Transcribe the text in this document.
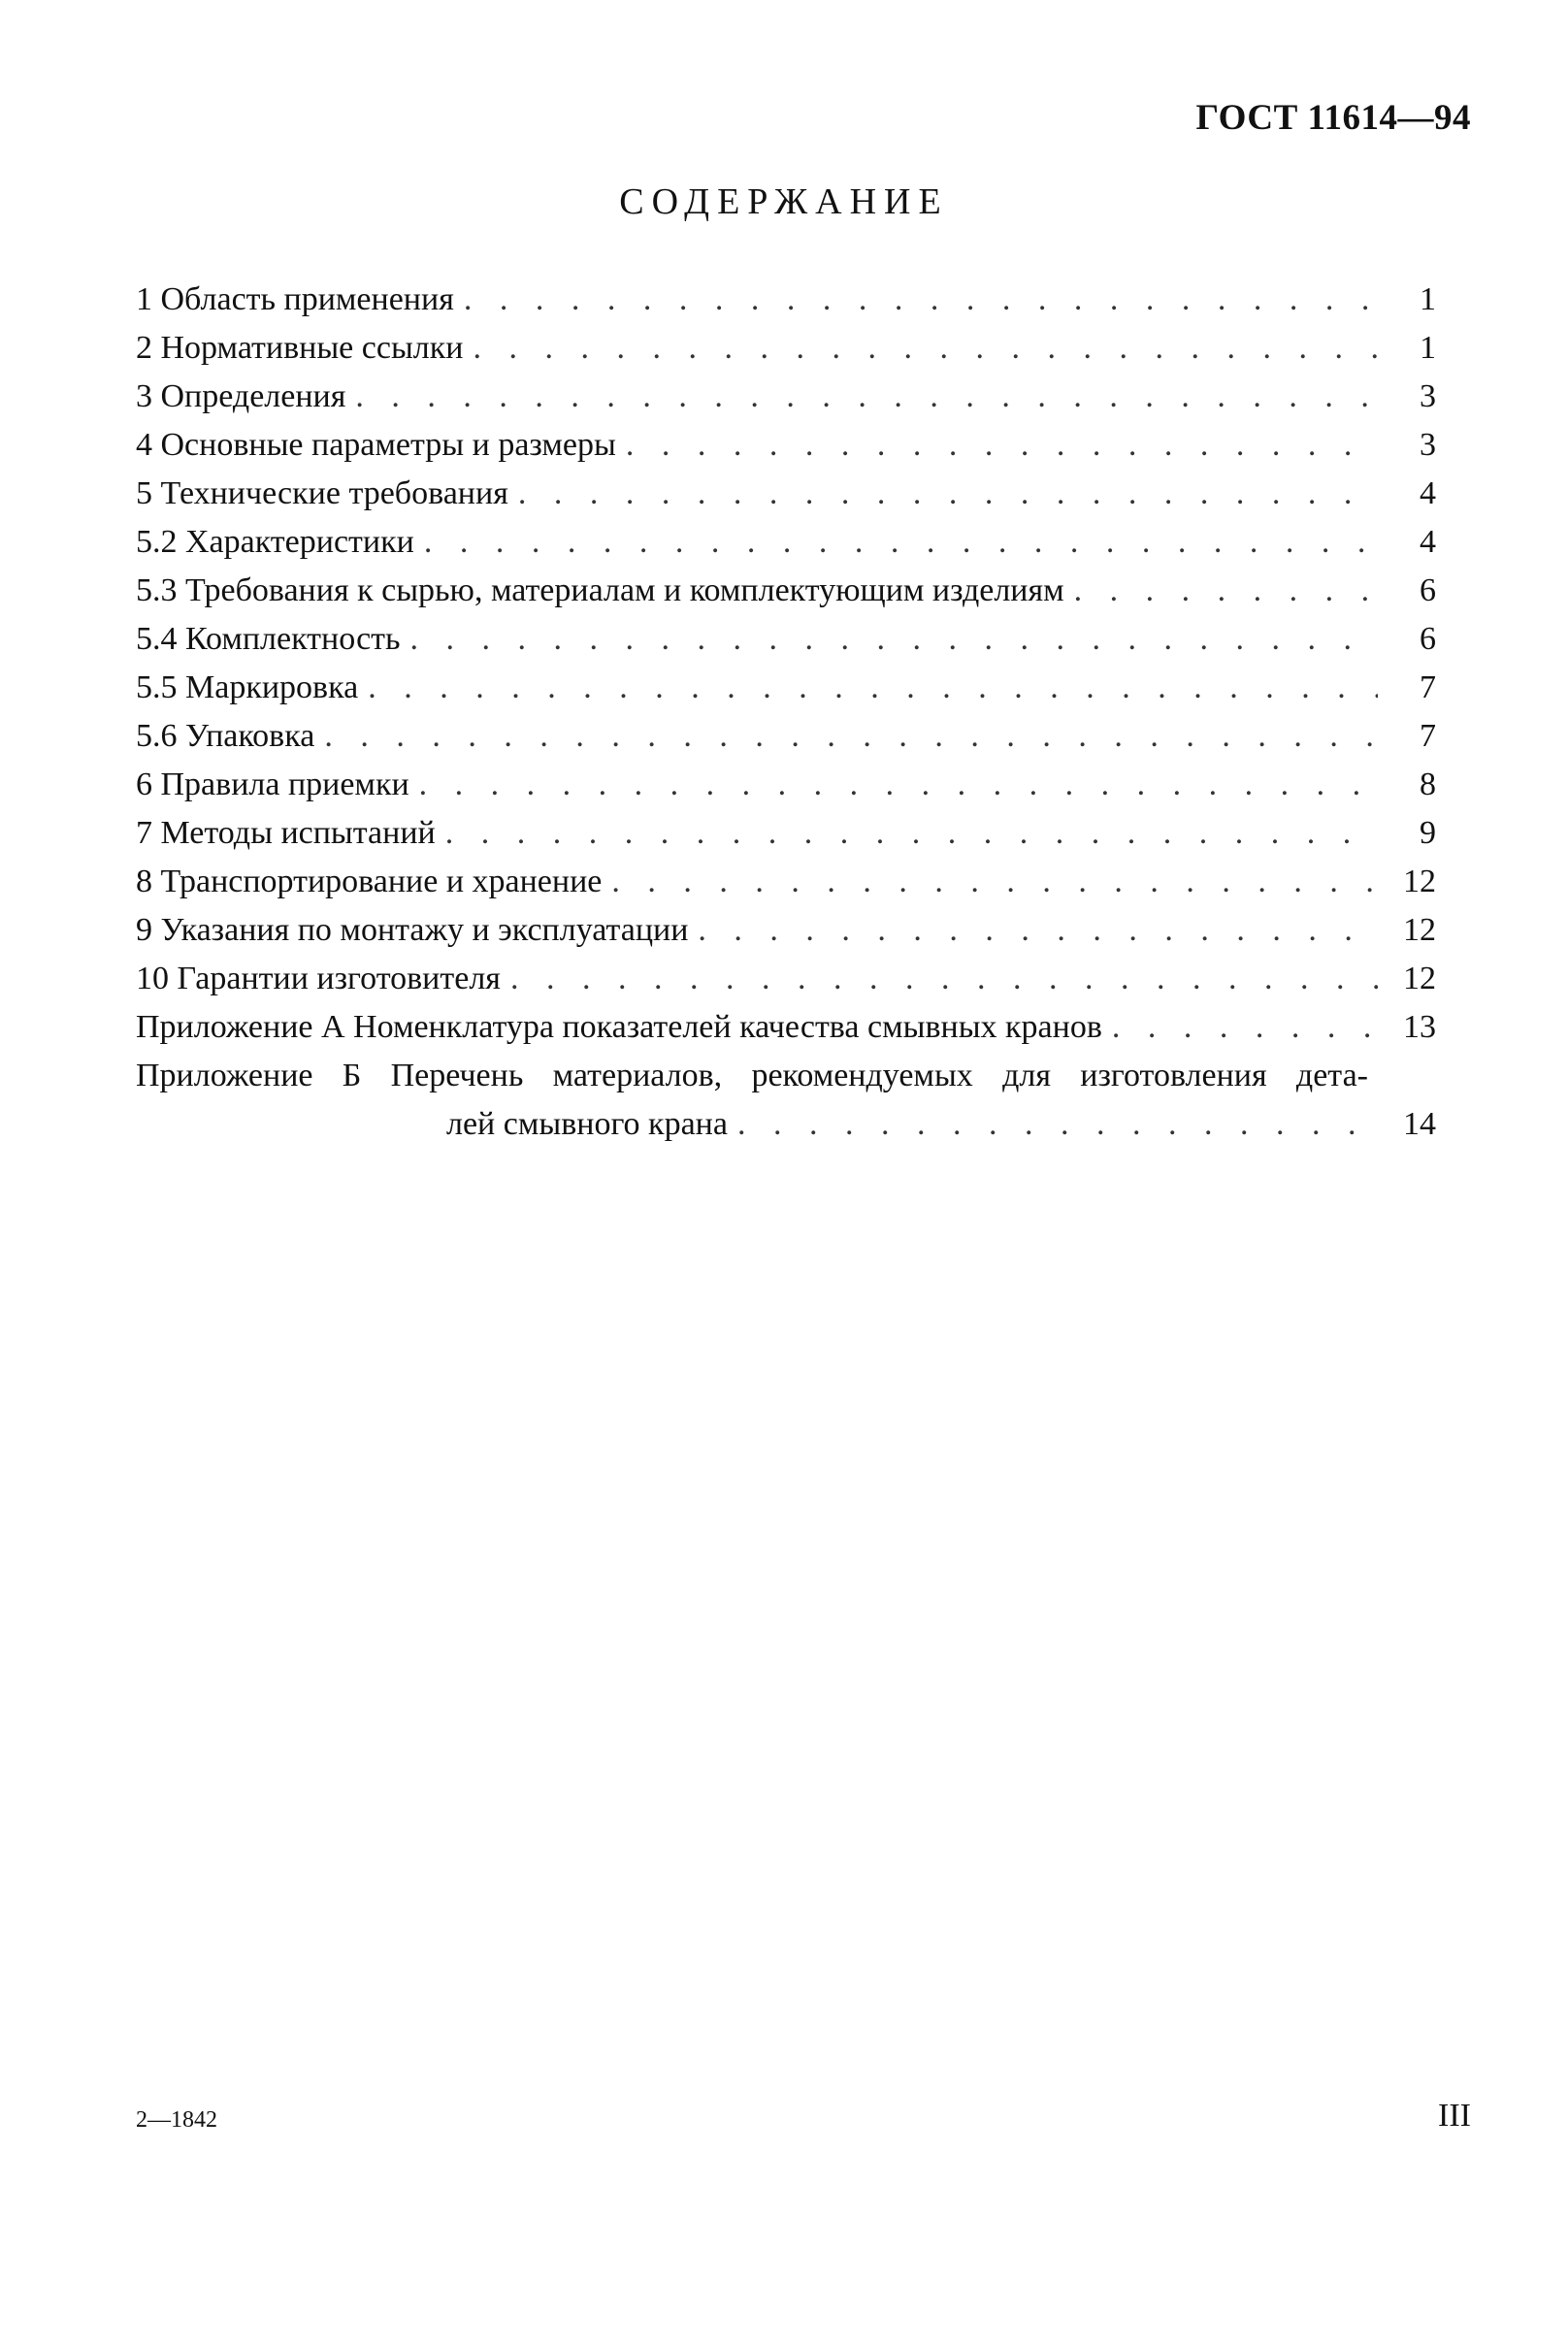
ГОСТ 11614—94
СОДЕРЖАНИЕ
1 Область применения . . .	1
2 Нормативные ссылки . . .	1
3 Определения . . .	3
4 Основные параметры и размеры . . .	3
5 Технические требования . . .	4
5.2 Характеристики . . .	4
5.3 Требования к сырью, материалам и комплектующим изделиям . . .	6
5.4 Комплектность . . .	6
5.5 Маркировка . . .	7
5.6 Упаковка . . .	7
6 Правила приемки . . .	8
7 Методы испытаний . . .	9
8 Транспортирование и хранение . . .	12
9 Указания по монтажу и эксплуатации . . .	12
10 Гарантии изготовителя . . .	12
Приложение А Номенклатура показателей качества смывных кранов . . .	13
Приложение Б Перечень материалов, рекомендуемых для изготовления дета-
лей смывного крана . . .	14
2—1842	III
